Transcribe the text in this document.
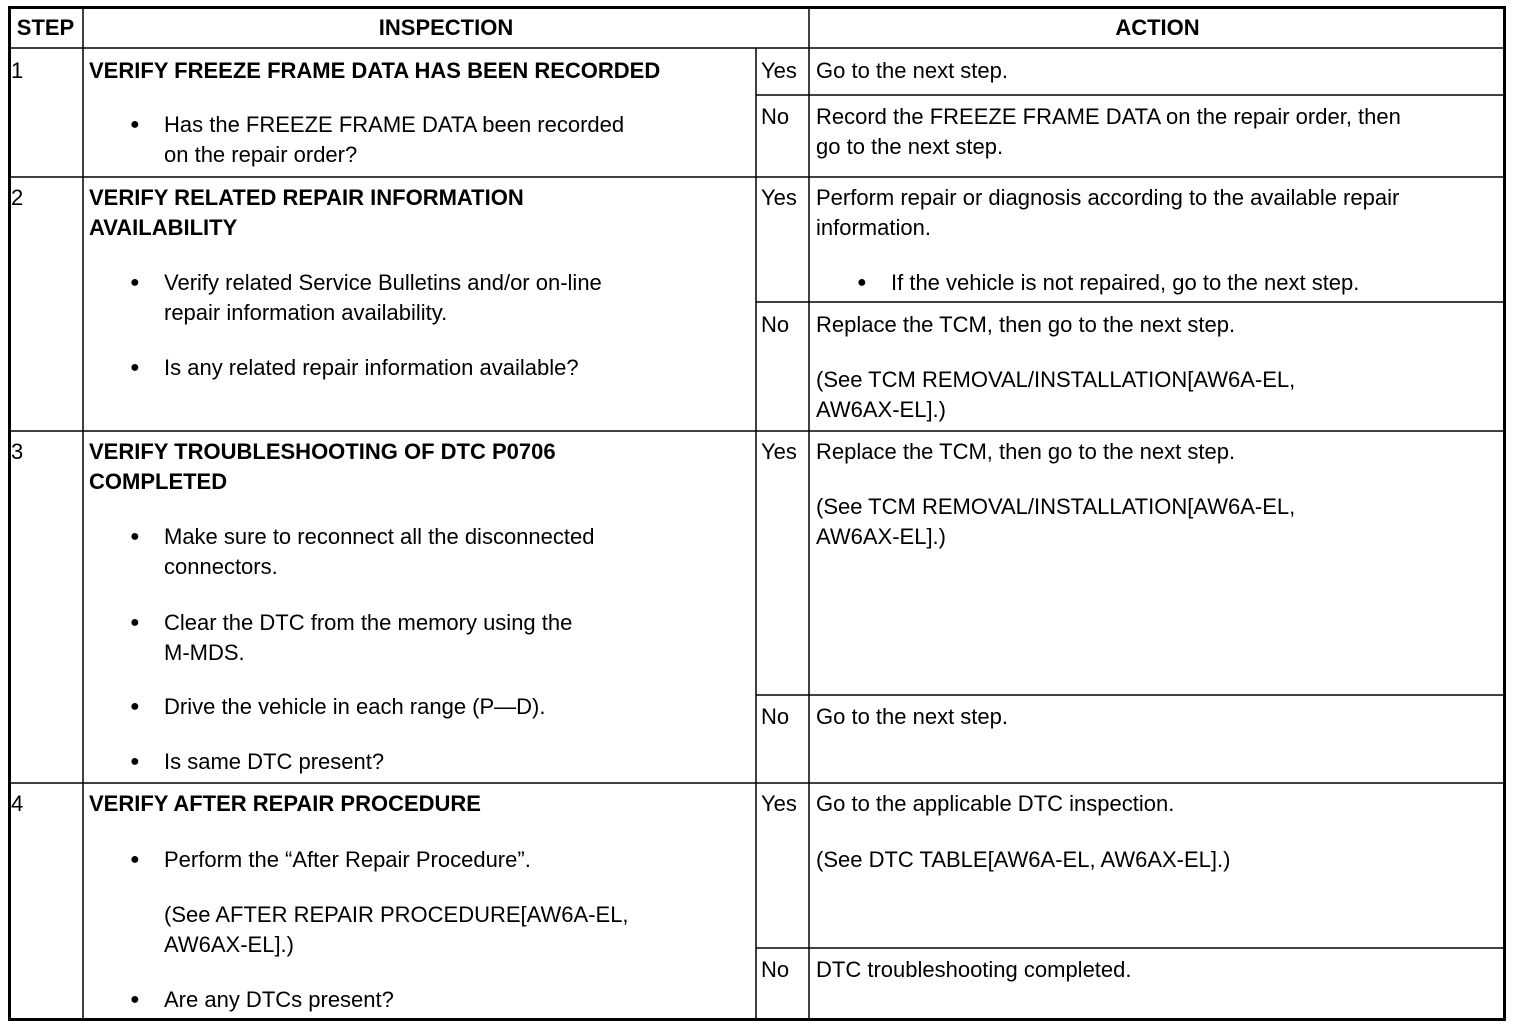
STEP	INSPECTION	ACTION
1	VERIFY FREEZE FRAME DATA HAS BEEN RECORDED
● Has the FREEZE FRAME DATA been recorded
on the repair order?
Yes Go to the next step.
No Record the FREEZE FRAME DATA on the repair order, then
go to the next step.
2	VERIFY RELATED REPAIR INFORMATION
AVAILABILITY
● Verify related Service Bulletins and/or on-line
repair information availability.
● Is any related repair information available?
Yes Perform repair or diagnosis according to the available repair
information.
● If the vehicle is not repaired, go to the next step.
No Replace the TCM, then go to the next step.
(See TCM REMOVAL/INSTALLATION[AW6A-EL,
AW6AX-EL].)
3	VERIFY TROUBLESHOOTING OF DTC P0706
COMPLETED
● Make sure to reconnect all the disconnected
connectors.
● Clear the DTC from the memory using the
M-MDS.
● Drive the vehicle in each range (P—D).
● Is same DTC present?
Yes Replace the TCM, then go to the next step.
(See TCM REMOVAL/INSTALLATION[AW6A-EL,
AW6AX-EL].)
No Go to the next step.
4	VERIFY AFTER REPAIR PROCEDURE
● Perform the “After Repair Procedure”.
(See AFTER REPAIR PROCEDURE[AW6A-EL,
AW6AX-EL].)
● Are any DTCs present?
Yes Go to the applicable DTC inspection.
(See DTC TABLE[AW6A-EL, AW6AX-EL].)
No DTC troubleshooting completed.
